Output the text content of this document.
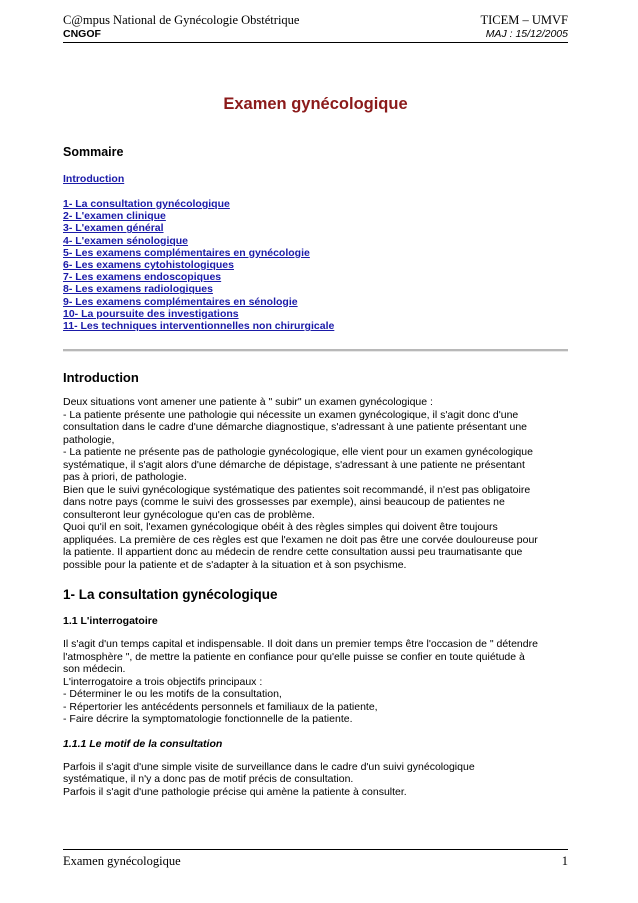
C@mpus National de Gynécologie Obstétrique	TICEM – UMVF
CNGOF	MAJ : 15/12/2005
Examen gynécologique
Sommaire
Introduction
1- La consultation gynécologique
2- L'examen clinique
3- L'examen général
4- L'examen sénologique
5- Les examens complémentaires en gynécologie
6- Les examens cytohistologiques
7- Les examens endoscopiques
8- Les examens radiologiques
9- Les examens complémentaires en sénologie
10- La poursuite des investigations
11- Les techniques interventionnelles non chirurgicale
Introduction

Deux situations vont amener une patiente à " subir" un examen gynécologique :

- La patiente présente une pathologie qui nécessite un examen gynécologique, il s'agit donc d'une

consultation dans le cadre d'une démarche diagnostique, s'adressant à une patiente présentant une

pathologie,

- La patiente ne présente pas de pathologie gynécologique, elle vient pour un examen gynécologique

systématique, il s'agit alors d'une démarche de dépistage, s'adressant à une patiente ne présentant

pas à priori, de pathologie.

Bien que le suivi gynécologique systématique des patientes soit recommandé, il n'est pas obligatoire

dans notre pays (comme le suivi des grossesses par exemple), ainsi beaucoup de patientes ne

consulteront leur gynécologue qu'en cas de problème.

Quoi qu'il en soit, l'examen gynécologique obéit à des règles simples qui doivent être toujours

appliquées. La première de ces règles est que l'examen ne doit pas être une corvée douloureuse pour

la patiente. Il appartient donc au médecin de rendre cette consultation aussi peu traumatisante que

possible pour la patiente et de s'adapter à la situation et à son psychisme.

1- La consultation gynécologique
1.1 L'interrogatoire

Il s'agit d'un temps capital et indispensable. Il doit dans un premier temps être l'occasion de " détendre

l'atmosphère ", de mettre la patiente en confiance pour qu'elle puisse se confier en toute quiétude à

son médecin.

L'interrogatoire a trois objectifs principaux :

- Déterminer le ou les motifs de la consultation,

- Répertorier les antécédents personnels et familiaux de la patiente,

- Faire décrire la symptomatologie fonctionnelle de la patiente.

1.1.1 Le motif de la consultation

Parfois il s'agit d'une simple visite de surveillance dans le cadre d'un suivi gynécologique

systématique, il n'y a donc pas de motif précis de consultation.

Parfois il s'agit d'une pathologie précise qui amène la patiente à consulter.

Examen gynécologique	1
